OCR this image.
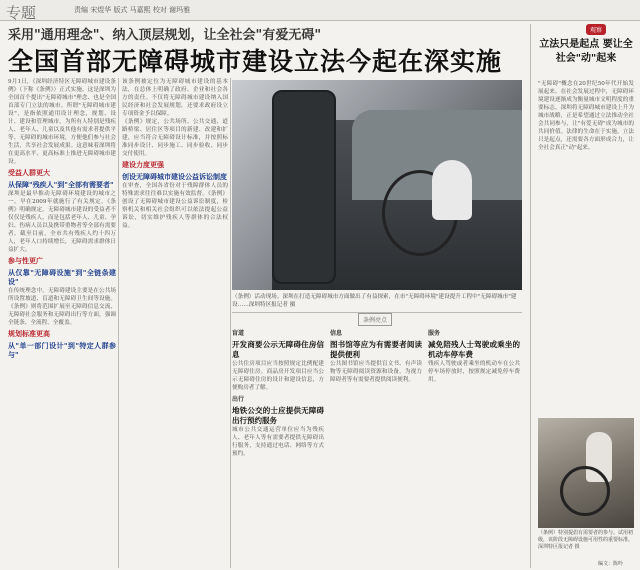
专题	责编 宋煜华 版式 马嘉熙 校对 谢玛雅
采用"通用理念"、纳入顶层规划，让全社会"有爱无碍"
全国首部无障碍城市建设立法今起在深实施
9月1日，《深圳经济特区无障碍城市建设条例》（下称《条例》）正式实施。这是深圳为全国首个提出"无障碍城市"理念、也是全国首部专门立法的城市。所谓"无障碍城市建设"，是指依照通用设计理念，规划、设计、建设和管理城市，为所有人特别是残疾人、老年人、儿童以及其他有需求者提供平等、无障碍的城市环境，方便他们参与社会生活，共享社会发展成果。这意味着深圳将在更高水平、更高标准上推进无障碍城市建设。
受益人群更大
从保障"残疾人"到"全部有需要者"
深圳是最早推动无障碍环境建设的城市之一。早在2009年就施行了有关规定。《条例》明确规定，无障碍城市建设的受益者不仅仅是残疾人，而是包括老年人、儿童、孕妇、伤病人员以及携带重物者等全部有需要者。截至目前，全市共有残疾人约十四万人，老年人口持续增长，无障碍需求群体日益扩大。
参与性更广
从仅靠"无障碍设施"到"全链条建设"
在传统理念中，无障碍建设主要是在公共场所设置坡道、盲道和无障碍卫生间等设施。《条例》则将范围扩展至无障碍信息交流、无障碍社会服务和无障碍出行等方面，强调全链条、全流程、全覆盖。
规划标准更高
从"单一部门设计"到"特定人群参与"
该条例被定位为无障碍城市建设的基本法，在总体上明确了政府、企业和社会各方的责任。不仅将无障碍城市建设纳入国民经济和社会发展规划，还要求政府设立专项资金予以保障。
《条例》规定，公共场所、公共交通、道路桥梁、居住区等项目的新建、改建和扩建，应当符合无障碍设计标准，并按照标准同步设计、同步施工、同步验收、同步交付使用。
建设力度更强
创设无障碍城市建设公益诉讼制度
在审查，全国各省份对于残障群体人员的特殊需求往往难以实施有效监督。《条例》创设了无障碍城市建设公益诉讼制度，检察机关和相关社会组织可以依法提起公益诉讼，切实维护残疾人等群体的合法权益。
（条例）活动现场。深圳在打造无障碍城市方面做出了有益探索，在市"无障碍环境"建设提升工程中"无障碍城市"建设……深圳特区报记者 摄
条例亮点
盲道
开发商要公示无障碍住房信息
公共住房项目应当按照规定比例配建无障碍住房。商品房开发项目应当公示无障碍住房的设计和建设信息，方便购房者了解。
出行
地铁公交的士应提供无障碍出行预约服务
城市公共交通运营单位应当为残疾人、老年人等有需要者提供无障碍出行服务，支持通过电话、网络等方式预约。
信息
图书馆等应为有需要者阅读提供便利
公共图书馆应当提供盲文书、有声读物等无障碍阅读资源和设备，为视力障碍者等有需要者提供阅读便利。
服务
减免陪残人士驾驶或乘坐的机动车停车费
残疾人驾驶或者乘坐的机动车在公共停车场停放时，按照规定减免停车费用。
观察
立法只是起点 要让全社会"动"起来
"无障碍"概念在20世纪50年代开始发展起来。在社会发展过程中，无障碍环境建设逐渐成为衡量城市文明程度的重要标志。深圳将无障碍城市建设上升为城市战略，正是希望通过立法推动全社会共同参与，让"有爱无碍"成为城市的共同价值。法律的生命在于实施，立法只是起点，还需要各方面形成合力，让全社会真正"动"起来。
（条例）特别提倡有需要者的参与。试用初级，该阶段无障碍设施可用性的重要标准。深圳特区报记者 摄
编文：陈吟
